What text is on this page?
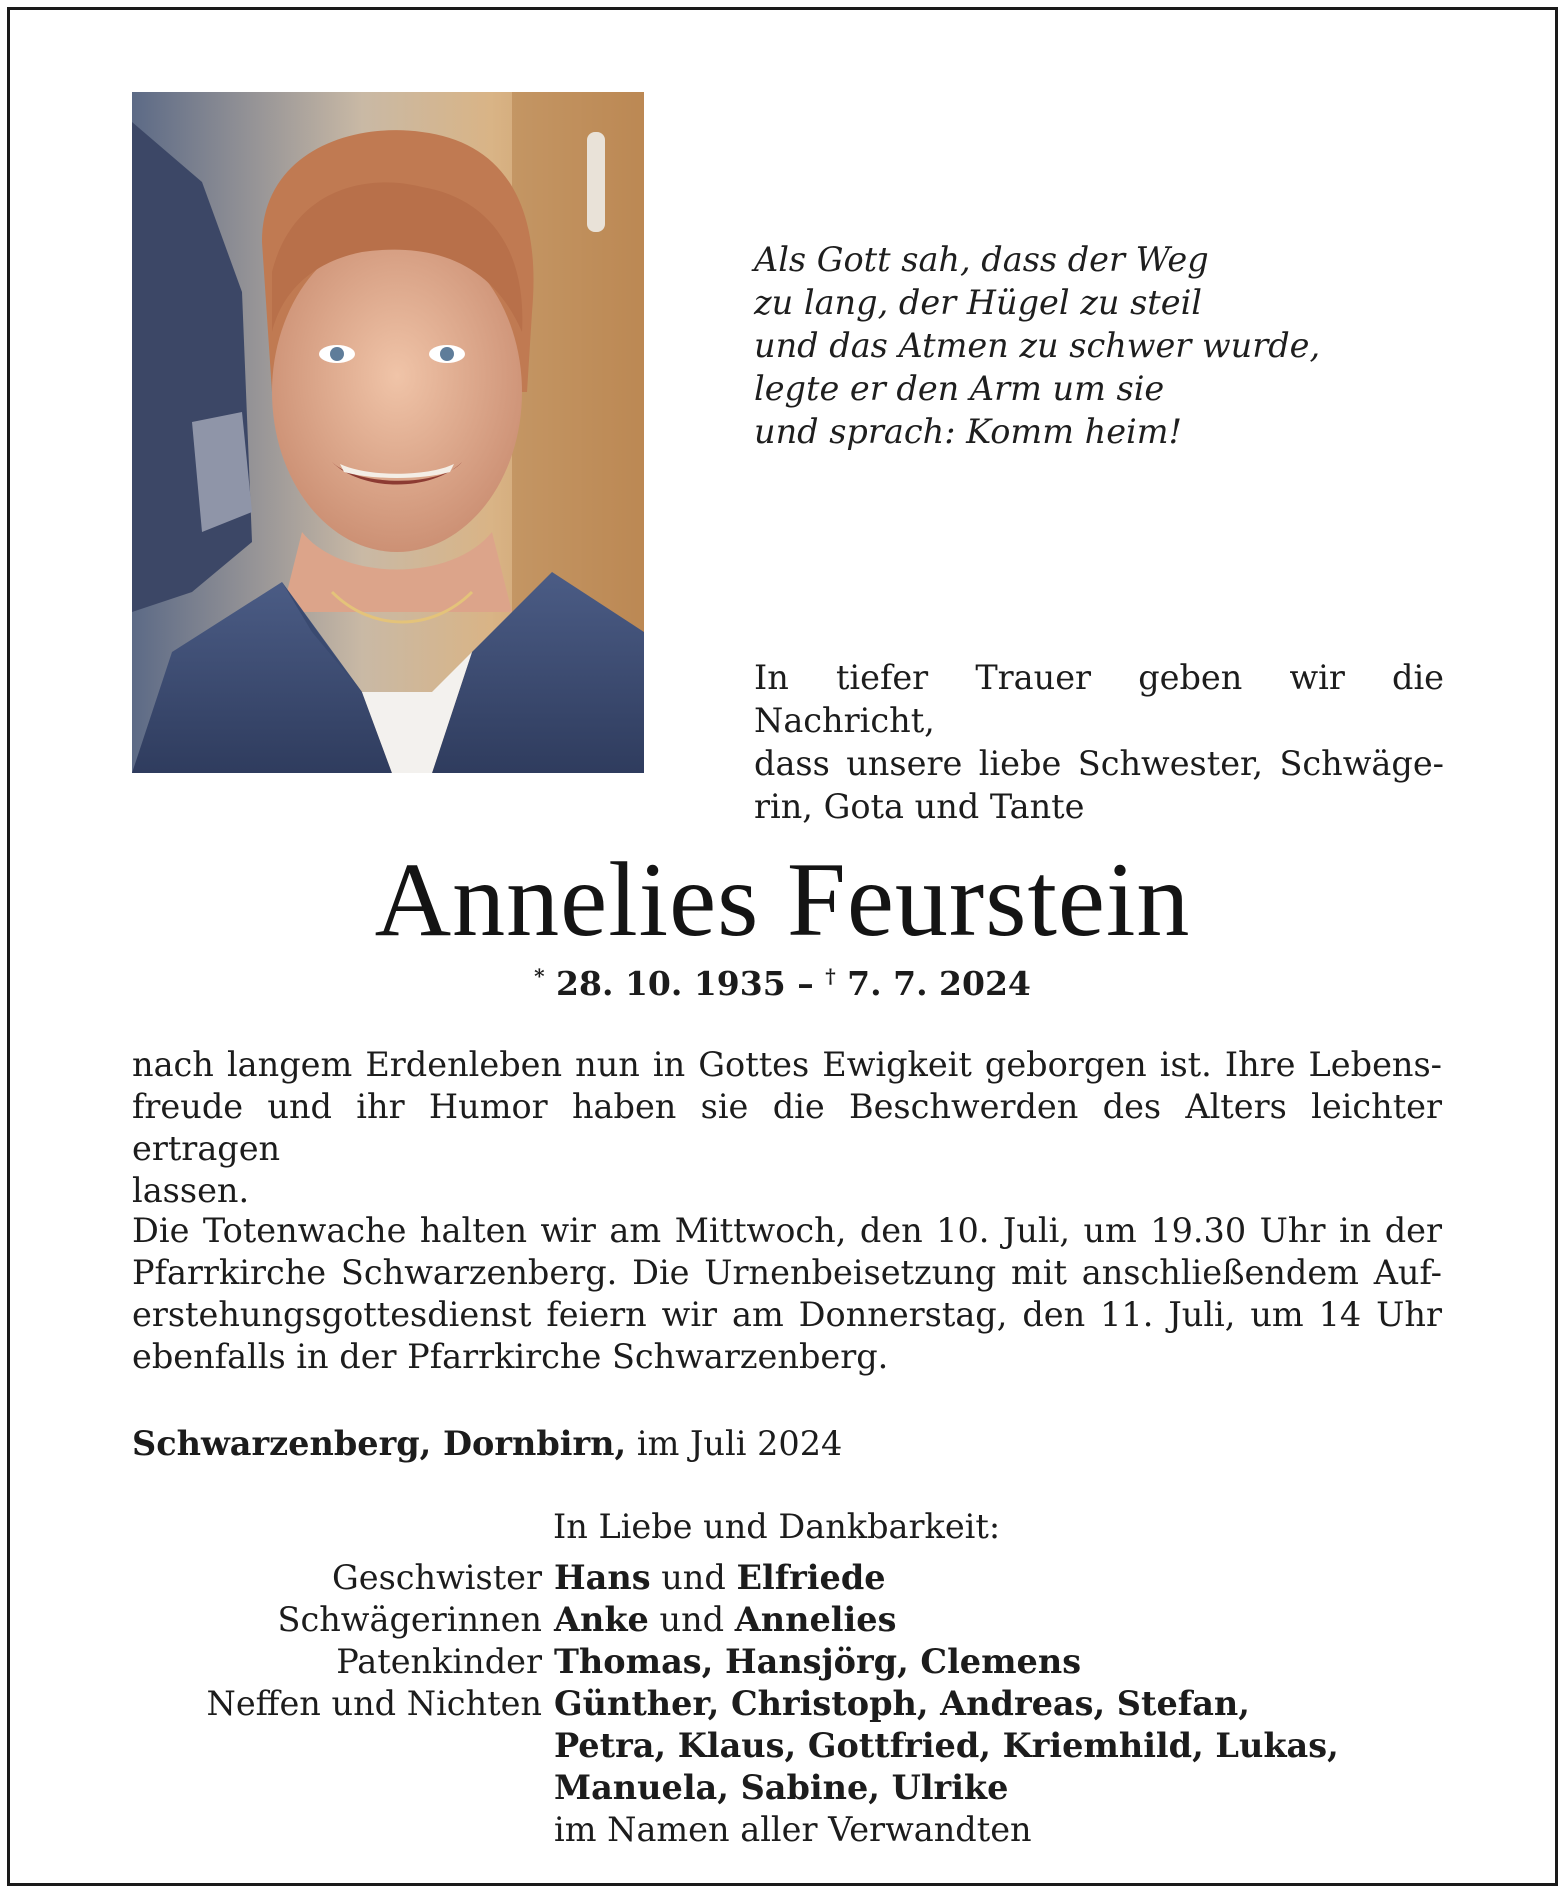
Als Gott sah, dass der Weg
zu lang, der Hügel zu steil
und das Atmen zu schwer wurde,
legte er den Arm um sie
und sprach: Komm heim!
In tiefer Trauer geben wir die Nachricht,
dass unsere liebe Schwester, Schwäge-
rin, Gota und Tante
Annelies Feurstein
* 28. 10. 1935 – † 7. 7. 2024
nach langem Erdenleben nun in Gottes Ewigkeit geborgen ist. Ihre Lebens-
freude und ihr Humor haben sie die Beschwerden des Alters leichter ertragen
lassen.
Die Totenwache halten wir am Mittwoch, den 10. Juli, um 19.30 Uhr in der
Pfarrkirche Schwarzenberg. Die Urnenbeisetzung mit anschließendem Auf-
erstehungsgottesdienst feiern wir am Donnerstag, den 11. Juli, um 14 Uhr
ebenfalls in der Pfarrkirche Schwarzenberg.
Schwarzenberg, Dornbirn, im Juli 2024
In Liebe und Dankbarkeit:
Geschwister Hans und Elfriede
Schwägerinnen Anke und Annelies
Patenkinder Thomas, Hansjörg, Clemens
Neffen und Nichten Günther, Christoph, Andreas, Stefan,
Petra, Klaus, Gottfried, Kriemhild, Lukas,
Manuela, Sabine, Ulrike
im Namen aller Verwandten
